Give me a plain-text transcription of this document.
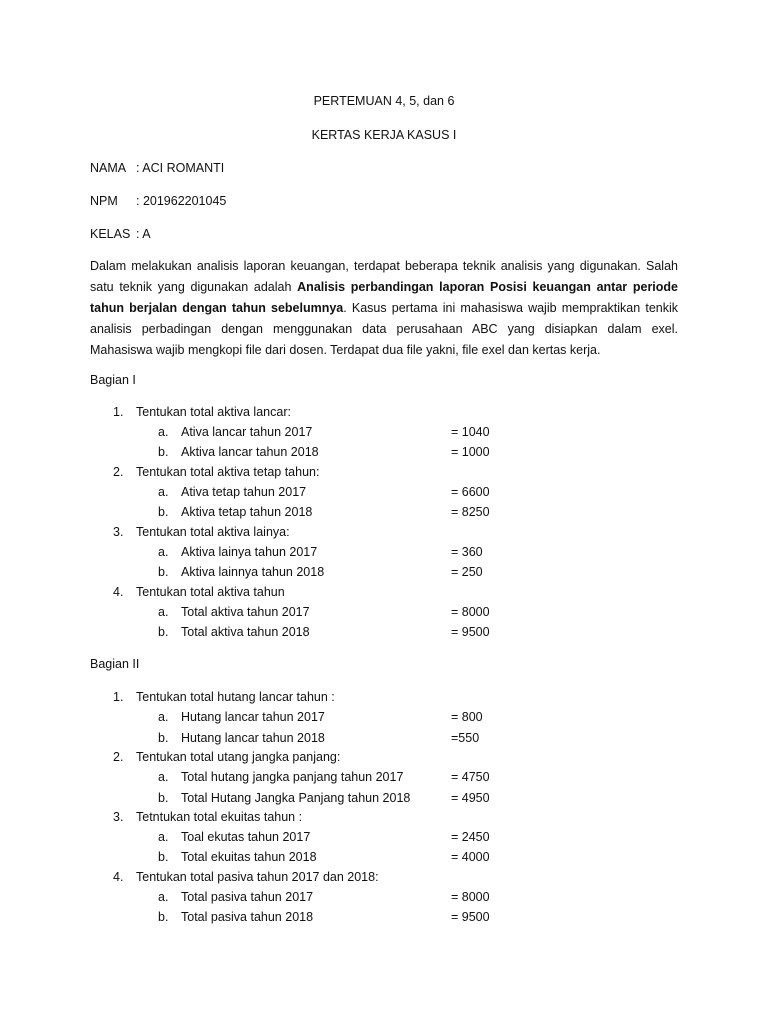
PERTEMUAN 4, 5, dan 6
KERTAS KERJA KASUS I
NAMA : ACI ROMANTI
NPM : 201962201045
KELAS : A
Dalam melakukan analisis laporan keuangan, terdapat beberapa teknik analisis yang digunakan. Salah satu teknik yang digunakan adalah Analisis perbandingan laporan Posisi keuangan antar periode tahun berjalan dengan tahun sebelumnya. Kasus pertama ini mahasiswa wajib mempraktikan tenkik analisis perbadingan dengan menggunakan data perusahaan ABC yang disiapkan dalam exel. Mahasiswa wajib mengkopi file dari dosen. Terdapat dua file yakni, file exel dan kertas kerja.
Bagian I
1. Tentukan total aktiva lancar:
a. Ativa lancar tahun 2017	= 1040
b. Aktiva lancar tahun 2018	= 1000
2. Tentukan total aktiva tetap tahun:
a. Ativa tetap tahun 2017	= 6600
b. Aktiva tetap tahun 2018	= 8250
3. Tentukan total aktiva lainya:
a. Aktiva lainya tahun 2017	= 360
b. Aktiva lainnya tahun 2018	= 250
4. Tentukan total aktiva tahun
a. Total aktiva tahun 2017	= 8000
b. Total aktiva tahun 2018	= 9500
Bagian II
1. Tentukan total hutang lancar tahun :
a. Hutang lancar tahun 2017	= 800
b. Hutang lancar tahun 2018	=550
2. Tentukan total utang jangka panjang:
a. Total hutang jangka panjang tahun 2017	= 4750
b. Total Hutang Jangka Panjang tahun 2018	= 4950
3. Tetntukan total ekuitas tahun :
a. Toal ekutas tahun 2017	= 2450
b. Total ekuitas tahun 2018	= 4000
4. Tentukan total pasiva tahun 2017 dan 2018:
a. Total pasiva tahun 2017	= 8000
b. Total pasiva tahun 2018	= 9500
